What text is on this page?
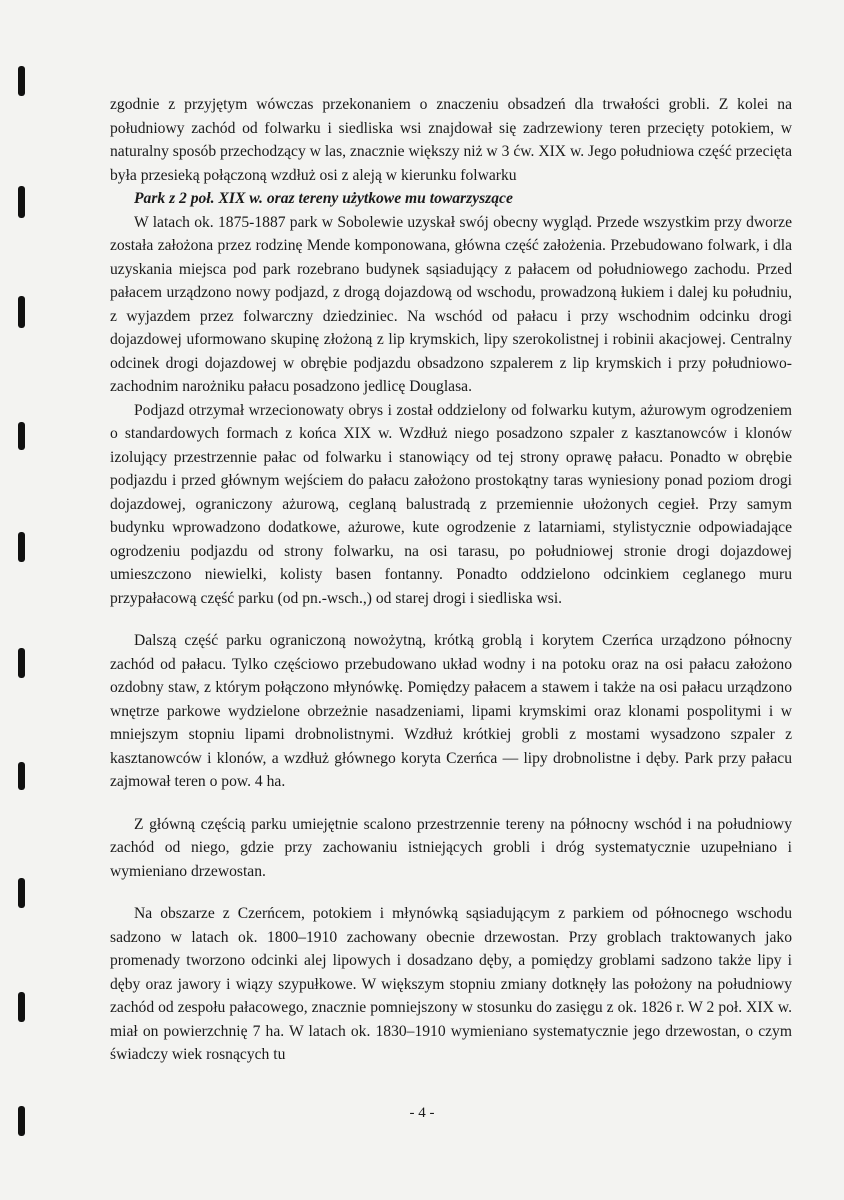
zgodnie z przyjętym wówczas przekonaniem o znaczeniu obsadzeń dla trwałości grobli. Z kolei na południowy zachód od folwarku i siedliska wsi znajdował się zadrzewiony teren przecięty potokiem, w naturalny sposób przechodzący w las, znacznie większy niż w 3 ćw. XIX w. Jego południowa część przecięta była przesieką połączoną wzdłuż osi z aleją w kierunku folwarku

Park z 2 poł. XIX w. oraz tereny użytkowe mu towarzyszące

W latach ok. 1875-1887 park w Sobolewie uzyskał swój obecny wygląd. Przede wszystkim przy dworze została założona przez rodzinę Mende komponowana, główna część założenia. Przebudowano folwark, i dla uzyskania miejsca pod park rozebrano budynek sąsiadujący z pałacem od południowego zachodu. Przed pałacem urządzono nowy podjazd, z drogą dojazdową od wschodu, prowadzoną łukiem i dalej ku południu, z wyjazdem przez folwarczny dziedziniec. Na wschód od pałacu i przy wschodnim odcinku drogi dojazdowej uformowano skupinę złożoną z lip krymskich, lipy szerokolistnej i robinii akacjowej. Centralny odcinek drogi dojazdowej w obrębie podjazdu obsadzono szpalerem z lip krymskich i przy południowo-zachodnim narożniku pałacu posadzono jedlicę Douglasa.

Podjazd otrzymał wrzecionowaty obrys i został oddzielony od folwarku kutym, ażurowym ogrodzeniem o standardowych formach z końca XIX w. Wzdłuż niego posadzono szpaler z kasztanowców i klonów izolujący przestrzennie pałac od folwarku i stanowiący od tej strony oprawę pałacu. Ponadto w obrębie podjazdu i przed głównym wejściem do pałacu założono prostokątny taras wyniesiony ponad poziom drogi dojazdowej, ograniczony ażurową, ceglaną balustradą z przemiennie ułożonych cegieł. Przy samym budynku wprowadzono dodatkowe, ażurowe, kute ogrodzenie z latarniami, stylistycznie odpowiadające ogrodzeniu podjazdu od strony folwarku, na osi tarasu, po południowej stronie drogi dojazdowej umieszczono niewielki, kolisty basen fontanny. Ponadto oddzielono odcinkiem ceglanego muru przypałacową część parku (od pn.-wsch.,) od starej drogi i siedliska wsi.

Dalszą część parku ograniczoną nowożytną, krótką groblą i korytem Czerńca urządzono północny zachód od pałacu. Tylko częściowo przebudowano układ wodny i na potoku oraz na osi pałacu założono ozdobny staw, z którym połączono młynówkę. Pomiędzy pałacem a stawem i także na osi pałacu urządzono wnętrze parkowe wydzielone obrzeżnie nasadzeniami, lipami krymskimi oraz klonami pospolitymi i w mniejszym stopniu lipami drobnolistnymi. Wzdłuż krótkiej grobli z mostami wysadzono szpaler z kasztanowców i klonów, a wzdłuż głównego koryta Czerńca — lipy drobnolistne i dęby. Park przy pałacu zajmował teren o pow. 4 ha.

Z główną częścią parku umiejętnie scalono przestrzennie tereny na północny wschód i na południowy zachód od niego, gdzie przy zachowaniu istniejących grobli i dróg systematycznie uzupełniano i wymieniano drzewostan.

Na obszarze z Czerńcem, potokiem i młynówką sąsiadującym z parkiem od północnego wschodu sadzono w latach ok. 1800–1910 zachowany obecnie drzewostan. Przy groblach traktowanych jako promenady tworzono odcinki alej lipowych i dosadzano dęby, a pomiędzy groblami sadzono także lipy i dęby oraz jawory i wiązy szypułkowe. W większym stopniu zmiany dotknęły las położony na południowy zachód od zespołu pałacowego, znacznie pomniejszony w stosunku do zasięgu z ok. 1826 r. W 2 poł. XIX w. miał on powierzchnię 7 ha. W latach ok. 1830–1910 wymieniano systematycznie jego drzewostan, o czym świadczy wiek rosnących tu

- 4 -
